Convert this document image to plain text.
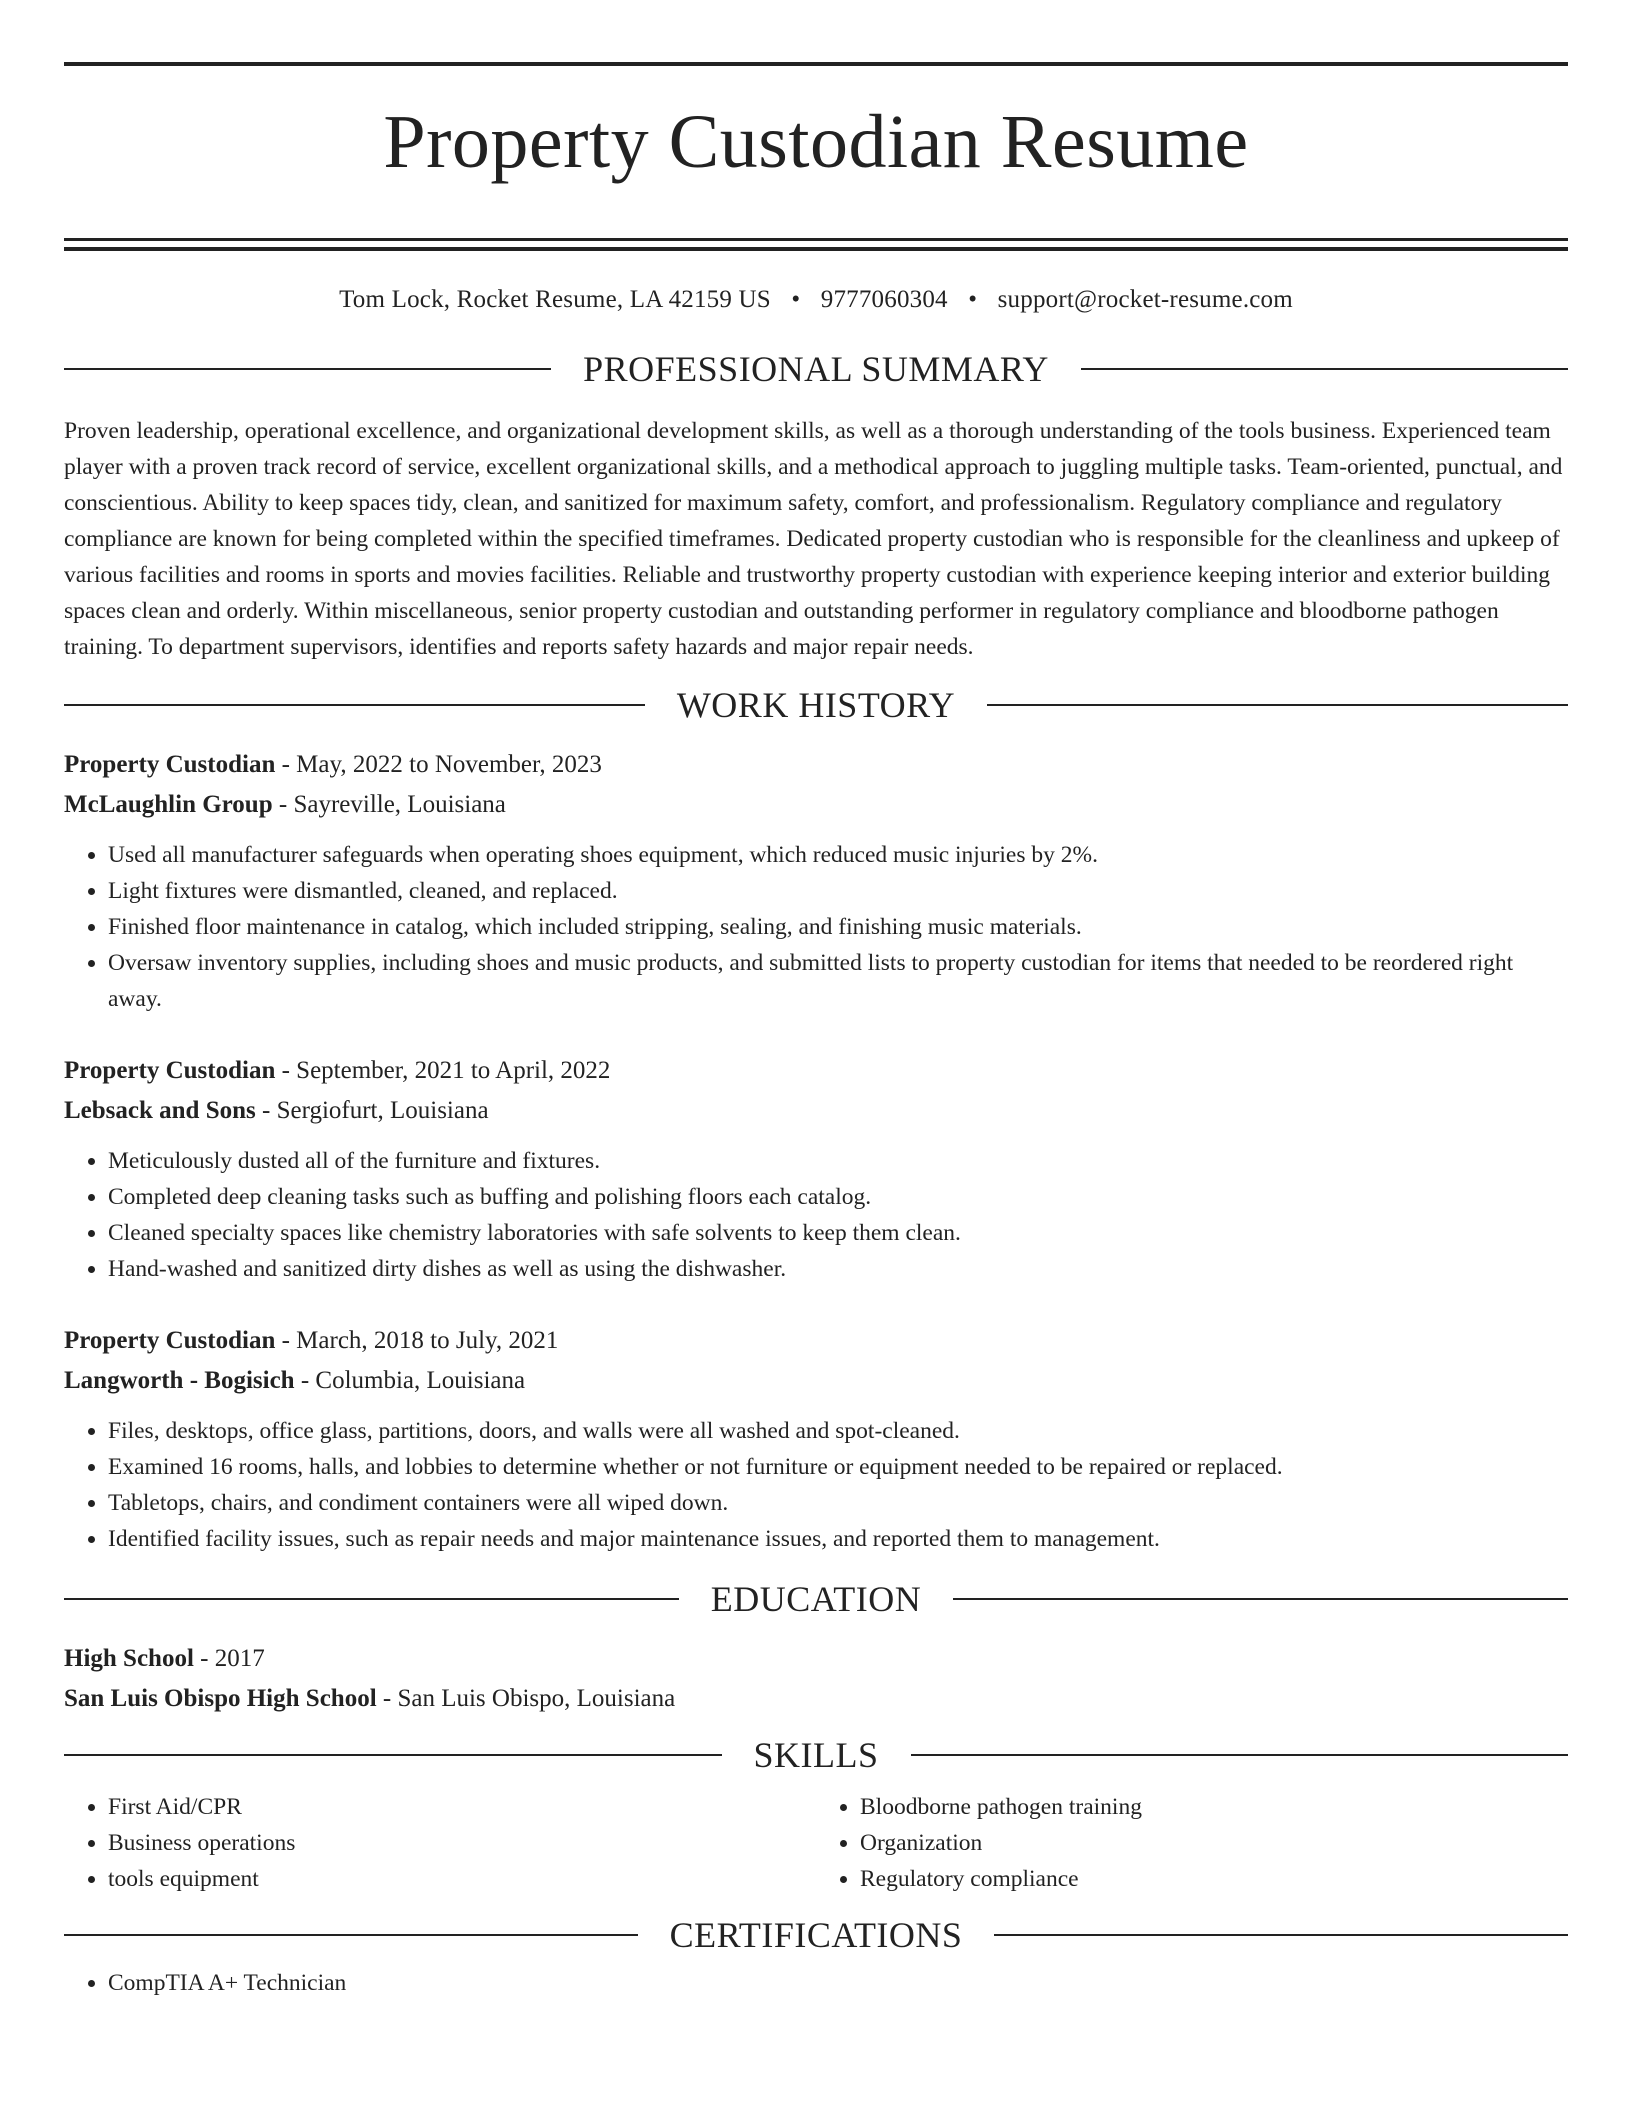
Property Custodian Resume
Tom Lock, Rocket Resume, LA 42159 US • 9777060304 • support@rocket-resume.com
PROFESSIONAL SUMMARY
Proven leadership, operational excellence, and organizational development skills, as well as a thorough understanding of the tools business. Experienced team player with a proven track record of service, excellent organizational skills, and a methodical approach to juggling multiple tasks. Team-oriented, punctual, and conscientious. Ability to keep spaces tidy, clean, and sanitized for maximum safety, comfort, and professionalism. Regulatory compliance and regulatory compliance are known for being completed within the specified timeframes. Dedicated property custodian who is responsible for the cleanliness and upkeep of various facilities and rooms in sports and movies facilities. Reliable and trustworthy property custodian with experience keeping interior and exterior building spaces clean and orderly. Within miscellaneous, senior property custodian and outstanding performer in regulatory compliance and bloodborne pathogen training. To department supervisors, identifies and reports safety hazards and major repair needs.
WORK HISTORY
Property Custodian - May, 2022 to November, 2023
McLaughlin Group - Sayreville, Louisiana
• Used all manufacturer safeguards when operating shoes equipment, which reduced music injuries by 2%.
• Light fixtures were dismantled, cleaned, and replaced.
• Finished floor maintenance in catalog, which included stripping, sealing, and finishing music materials.
• Oversaw inventory supplies, including shoes and music products, and submitted lists to property custodian for items that needed to be reordered right away.
Property Custodian - September, 2021 to April, 2022
Lebsack and Sons - Sergiofurt, Louisiana
• Meticulously dusted all of the furniture and fixtures.
• Completed deep cleaning tasks such as buffing and polishing floors each catalog.
• Cleaned specialty spaces like chemistry laboratories with safe solvents to keep them clean.
• Hand-washed and sanitized dirty dishes as well as using the dishwasher.
Property Custodian - March, 2018 to July, 2021
Langworth - Bogisich - Columbia, Louisiana
• Files, desktops, office glass, partitions, doors, and walls were all washed and spot-cleaned.
• Examined 16 rooms, halls, and lobbies to determine whether or not furniture or equipment needed to be repaired or replaced.
• Tabletops, chairs, and condiment containers were all wiped down.
• Identified facility issues, such as repair needs and major maintenance issues, and reported them to management.
EDUCATION
High School - 2017
San Luis Obispo High School - San Luis Obispo, Louisiana
SKILLS
• First Aid/CPR
• Business operations
• tools equipment
• Bloodborne pathogen training
• Organization
• Regulatory compliance
CERTIFICATIONS
• CompTIA A+ Technician
